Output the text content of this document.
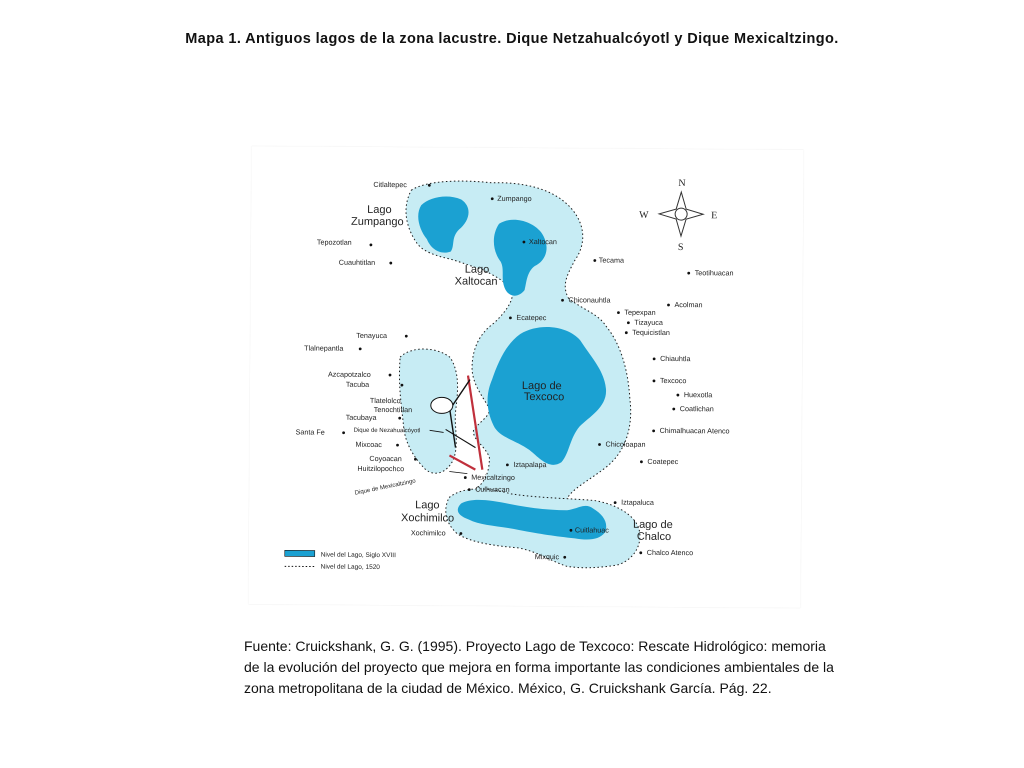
Mapa 1. Antiguos lagos de la zona lacustre. Dique Netzahualcóyotl y Dique Mexicaltzingo.
N
S
E
W
Lago
Zumpango
Lago
Xaltocan
Lago de
Texcoco
Lago
Xochimilco
Lago de
Chalco
Citlaltepec
Zumpango
Tepozotlan	Xaltocan
Cuauhtitlan	Tecama
Teotihuacan
Chiconauhtla
Acolman
Tepexpan
Ecatepec
Tizayuca
Tequicistlan
Tenayuca
Tlalnepantla
Chiauhtla
Azcapotzalco
Tacuba	Texcoco
Huexotla
Tlatelolco
Tenochtitlan	Coatlichan
Tacubaya
Santa Fe	Dique de Nezahualcóyotl	Chimalhuacan Atenco
Mixcoac	Chicoloapan
Coyoacan	Coatepec
Huitzilopochco	Iztapalapa
Mexicaltzingo
Dique de Mexicaltzingo	Culhuacan
Iztapaluca
Cuitlahuac
Xochimilco
Mixquic	Chalco Atenco
Nivel del Lago, Siglo XVIII
Nivel del Lago, 1520

Fuente: Cruickshank, G. G. (1995). Proyecto Lago de Texcoco: Rescate Hidrológico: memoria de la evolución del proyecto que mejora en forma importante las condiciones ambientales de la zona metropolitana de la ciudad de México. México, G. Cruickshank García. Pág. 22.
